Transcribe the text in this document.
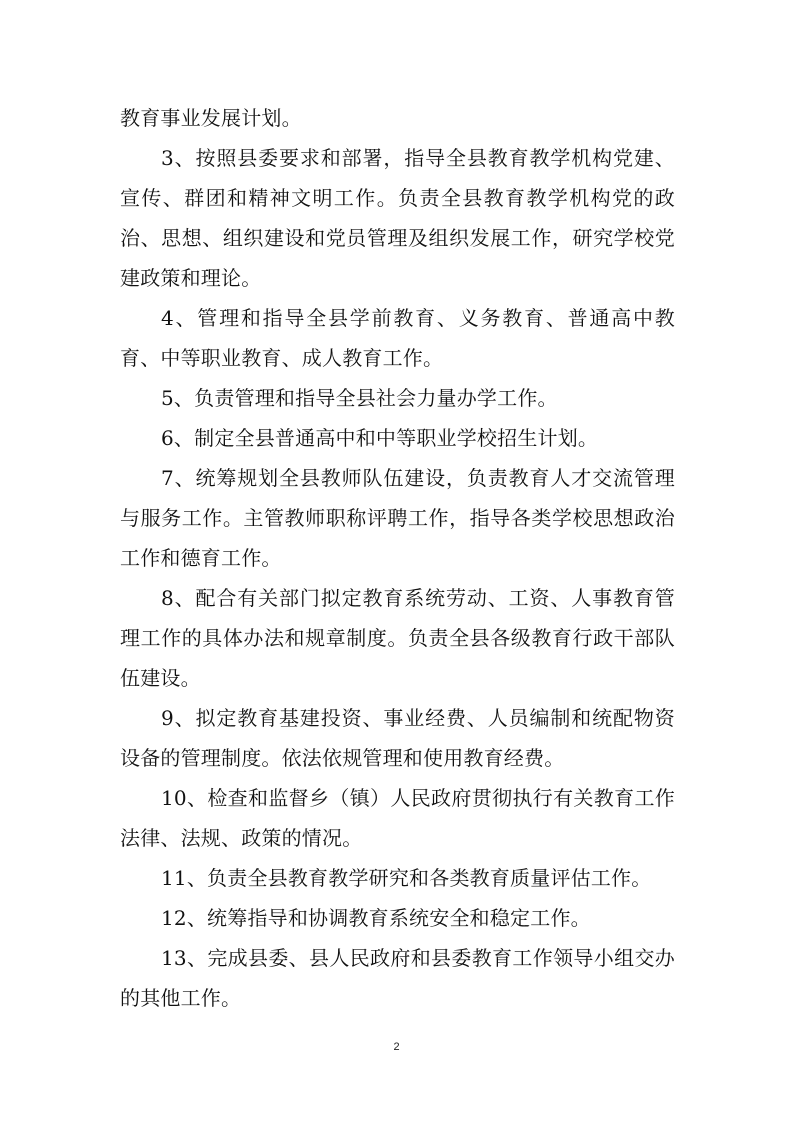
教育事业发展计划。

3、按照县委要求和部署，指导全县教育教学机构党建、宣传、群团和精神文明工作。负责全县教育教学机构党的政治、思想、组织建设和党员管理及组织发展工作，研究学校党建政策和理论。

4、管理和指导全县学前教育、义务教育、普通高中教育、中等职业教育、成人教育工作。

5、负责管理和指导全县社会力量办学工作。

6、制定全县普通高中和中等职业学校招生计划。

7、统筹规划全县教师队伍建设，负责教育人才交流管理与服务工作。主管教师职称评聘工作，指导各类学校思想政治工作和德育工作。

8、配合有关部门拟定教育系统劳动、工资、人事教育管理工作的具体办法和规章制度。负责全县各级教育行政干部队伍建设。

9、拟定教育基建投资、事业经费、人员编制和统配物资设备的管理制度。依法依规管理和使用教育经费。

10、检查和监督乡（镇）人民政府贯彻执行有关教育工作法律、法规、政策的情况。

11、负责全县教育教学研究和各类教育质量评估工作。

12、统筹指导和协调教育系统安全和稳定工作。

13、完成县委、县人民政府和县委教育工作领导小组交办的其他工作。

2
